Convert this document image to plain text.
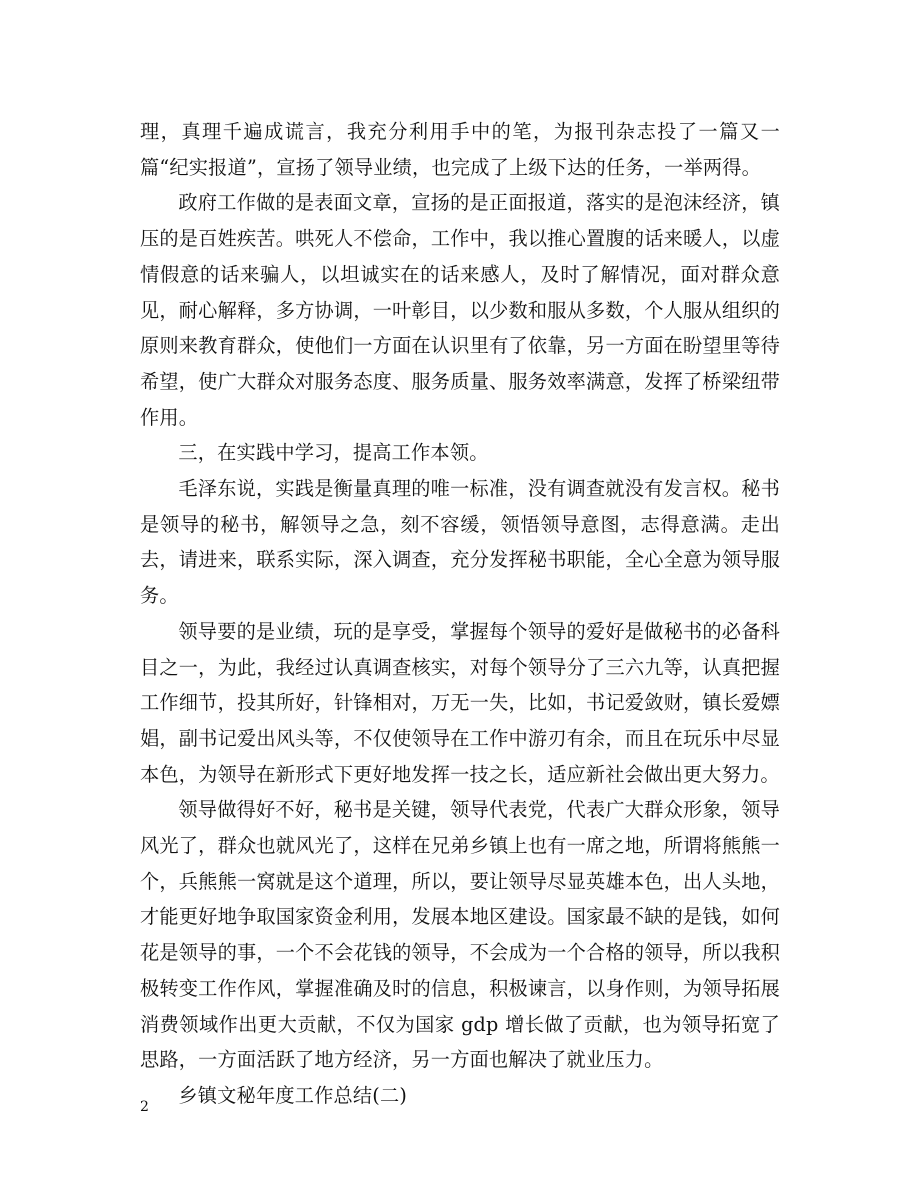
理，真理千遍成谎言，我充分利用手中的笔，为报刊杂志投了一篇又一篇“纪实报道”，宣扬了领导业绩，也完成了上级下达的任务，一举两得。

政府工作做的是表面文章，宣扬的是正面报道，落实的是泡沫经济，镇压的是百姓疾苦。哄死人不偿命，工作中，我以推心置腹的话来暖人，以虚情假意的话来骗人，以坦诚实在的话来感人，及时了解情况，面对群众意见，耐心解释，多方协调，一叶彰目，以少数和服从多数，个人服从组织的原则来教育群众，使他们一方面在认识里有了依靠，另一方面在盼望里等待希望，使广大群众对服务态度、服务质量、服务效率满意，发挥了桥梁纽带作用。

三，在实践中学习，提高工作本领。

毛泽东说，实践是衡量真理的唯一标准，没有调查就没有发言权。秘书是领导的秘书，解领导之急，刻不容缓，领悟领导意图，志得意满。走出去，请进来，联系实际，深入调查，充分发挥秘书职能，全心全意为领导服务。

领导要的是业绩，玩的是享受，掌握每个领导的爱好是做秘书的必备科目之一，为此，我经过认真调查核实，对每个领导分了三六九等，认真把握工作细节，投其所好，针锋相对，万无一失，比如，书记爱敛财，镇长爱嫖娼，副书记爱出风头等，不仅使领导在工作中游刃有余，而且在玩乐中尽显本色，为领导在新形式下更好地发挥一技之长，适应新社会做出更大努力。

领导做得好不好，秘书是关键，领导代表党，代表广大群众形象，领导风光了，群众也就风光了，这样在兄弟乡镇上也有一席之地，所谓将熊熊一个，兵熊熊一窝就是这个道理，所以，要让领导尽显英雄本色，出人头地，才能更好地争取国家资金利用，发展本地区建设。国家最不缺的是钱，如何花是领导的事，一个不会花钱的领导，不会成为一个合格的领导，所以我积极转变工作作风，掌握准确及时的信息，积极谏言，以身作则，为领导拓展消费领域作出更大贡献，不仅为国家 gdp 增长做了贡献，也为领导拓宽了思路，一方面活跃了地方经济，另一方面也解决了就业压力。

乡镇文秘年度工作总结(二)

2
